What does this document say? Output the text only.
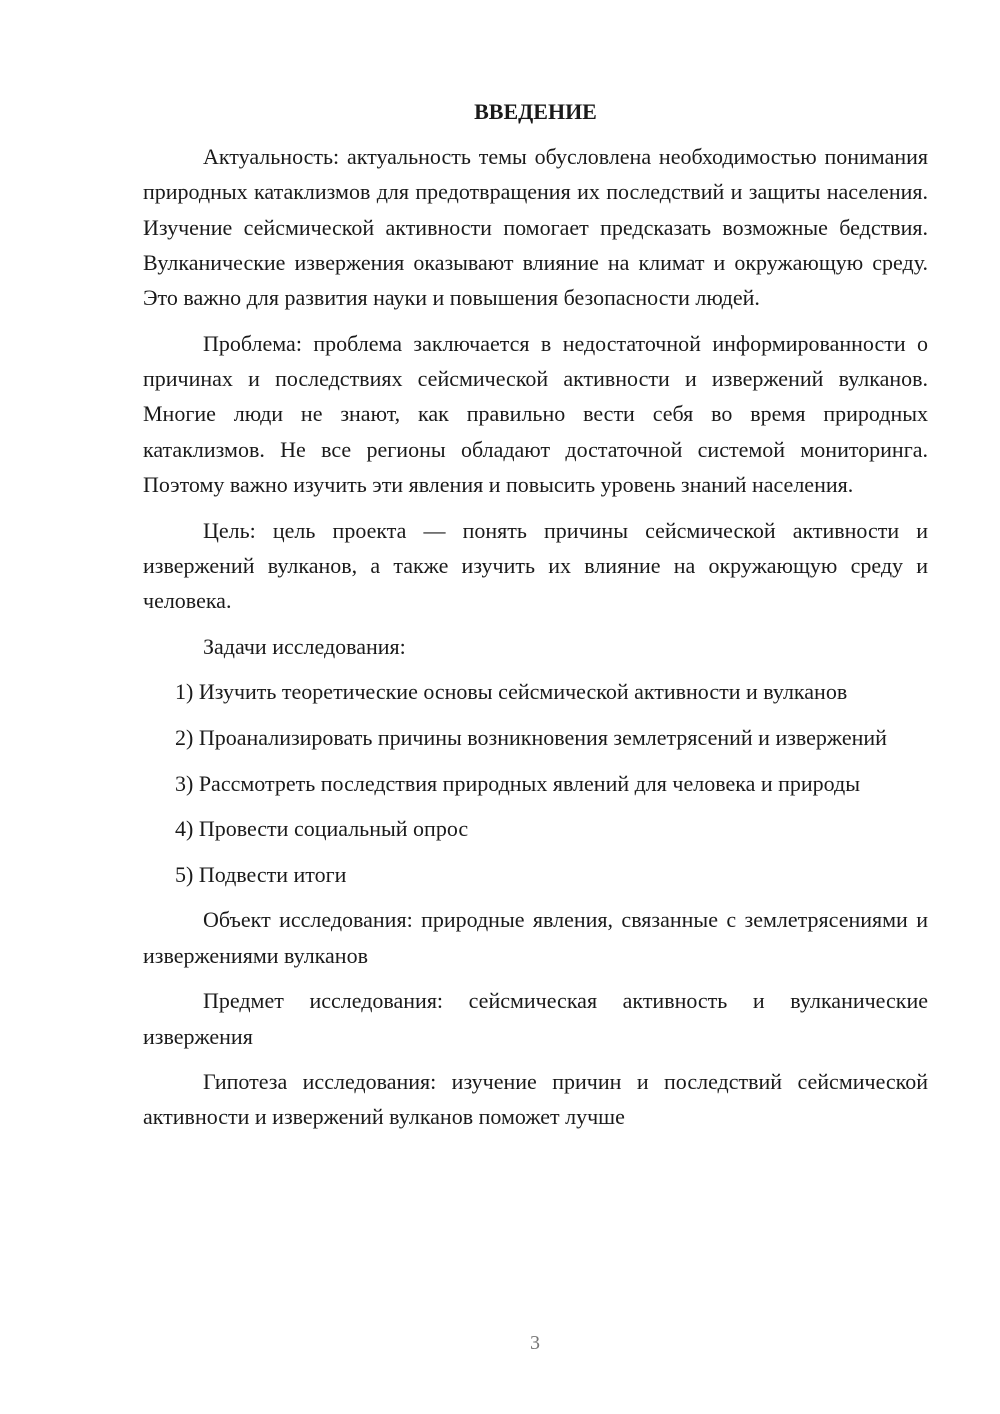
ВВЕДЕНИЕ

Актуальность: актуальность темы обусловлена необходимостью понимания природных катаклизмов для предотвращения их последствий и защиты населения. Изучение сейсмической активности помогает предсказать возможные бедствия. Вулканические извержения оказывают влияние на климат и окружающую среду. Это важно для развития науки и повышения безопасности людей.

Проблема: проблема заключается в недостаточной информированности о причинах и последствиях сейсмической активности и извержений вулканов. Многие люди не знают, как правильно вести себя во время природных катаклизмов. Не все регионы обладают достаточной системой мониторинга. Поэтому важно изучить эти явления и повысить уровень знаний населения.

Цель: цель проекта — понять причины сейсмической активности и извержений вулканов, а также изучить их влияние на окружающую среду и человека.

Задачи исследования:

1) Изучить теоретические основы сейсмической активности и вулканов

2) Проанализировать причины возникновения землетрясений и извержений

3) Рассмотреть последствия природных явлений для человека и природы

4) Провести социальный опрос

5) Подвести итоги

Объект исследования: природные явления, связанные с землетрясениями и извержениями вулканов

Предмет исследования: сейсмическая активность и вулканические извержения

Гипотеза исследования: изучение причин и последствий сейсмической активности и извержений вулканов поможет лучше

3
